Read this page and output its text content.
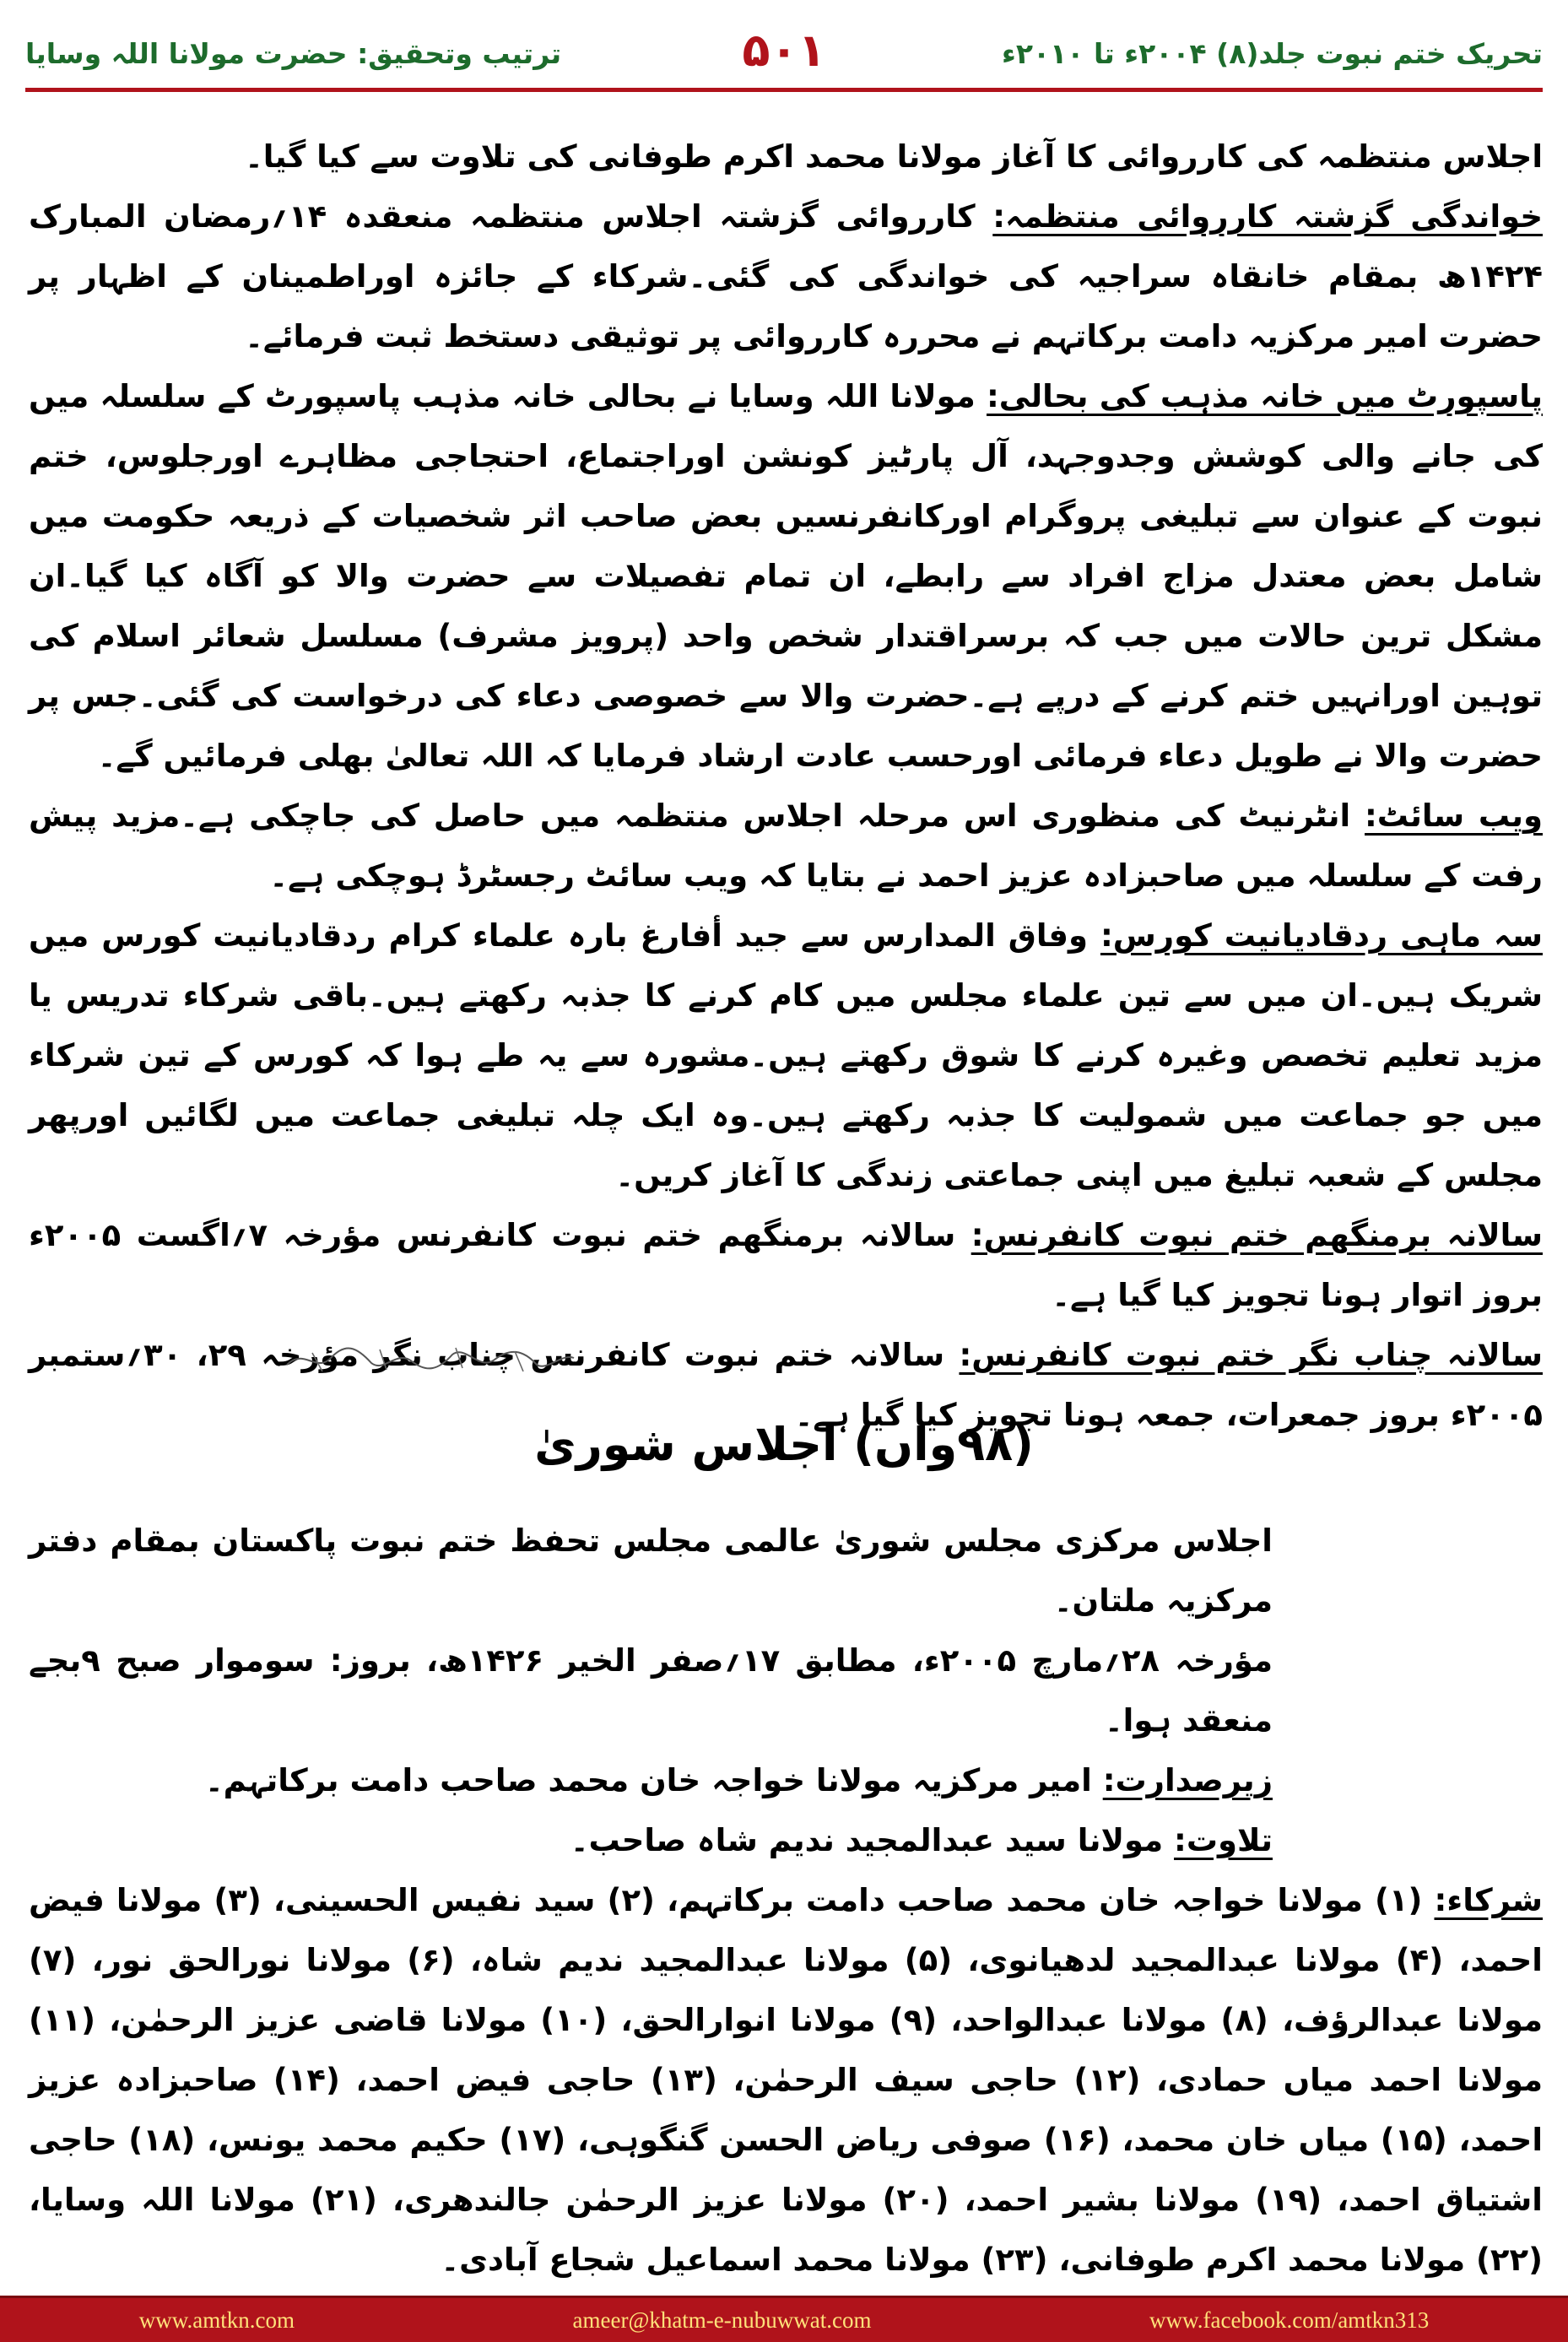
ترتیب وتحقیق: حضرت مولانا اللہ وسایا	۵۰۱	تحریک ختم نبوت جلد(۸) ۲۰۰۴ء تا ۲۰۱۰ء

اجلاس منتظمہ کی کارروائی کا آغاز مولانا محمد اکرم طوفانی کی تلاوت سے کیا گیا۔

خواندگی گزشتہ کارروائی منتظمہ: کارروائی گزشتہ اجلاس منتظمہ منعقدہ ۱۴؍رمضان المبارک ۱۴۲۴ھ بمقام خانقاہ سراجیہ کی خواندگی کی گئی۔شرکاء کے جائزہ اوراطمینان کے اظہار پر حضرت امیر مرکزیہ دامت برکاتہم نے محررہ کارروائی پر توثیقی دستخط ثبت فرمائے۔

پاسپورٹ میں خانہ مذہب کی بحالی: مولانا اللہ وسایا نے بحالی خانہ مذہب پاسپورٹ کے سلسلہ میں کی جانے والی کوشش وجدوجہد، آل پارٹیز کونشن اوراجتماع، احتجاجی مظاہرے اورجلوس، ختم نبوت کے عنوان سے تبلیغی پروگرام اورکانفرنسیں بعض صاحب اثر شخصیات کے ذریعہ حکومت میں شامل بعض معتدل مزاج افراد سے رابطے، ان تمام تفصیلات سے حضرت والا کو آگاہ کیا گیا۔ان مشکل ترین حالات میں جب کہ برسراقتدار شخص واحد (پرویز مشرف) مسلسل شعائر اسلام کی توہین اورانہیں ختم کرنے کے درپے ہے۔حضرت والا سے خصوصی دعاء کی درخواست کی گئی۔جس پر حضرت والا نے طویل دعاء فرمائی اورحسب عادت ارشاد فرمایا کہ اللہ تعالیٰ بھلی فرمائیں گے۔

ویب سائٹ: انٹرنیٹ کی منظوری اس مرحلہ اجلاس منتظمہ میں حاصل کی جاچکی ہے۔مزید پیش رفت کے سلسلہ میں صاحبزادہ عزیز احمد نے بتایا کہ ویب سائٹ رجسٹرڈ ہوچکی ہے۔

سہ ماہی ردقادیانیت کورس: وفاق المدارس سے جید أفارغ بارہ علماء کرام ردقادیانیت کورس میں شریک ہیں۔ان میں سے تین علماء مجلس میں کام کرنے کا جذبہ رکھتے ہیں۔باقی شرکاء تدریس یا مزید تعلیم تخصص وغیرہ کرنے کا شوق رکھتے ہیں۔مشورہ سے یہ طے ہوا کہ کورس کے تین شرکاء میں جو جماعت میں شمولیت کا جذبہ رکھتے ہیں۔وہ ایک چلہ تبلیغی جماعت میں لگائیں اورپھر مجلس کے شعبہ تبلیغ میں اپنی جماعتی زندگی کا آغاز کریں۔

سالانہ برمنگھم ختم نبوت کانفرنس: سالانہ برمنگھم ختم نبوت کانفرنس مؤرخہ ۷؍اگست ۲۰۰۵ء بروز اتوار ہونا تجویز کیا گیا ہے۔

سالانہ چناب نگر ختم نبوت کانفرنس: سالانہ ختم نبوت کانفرنس چناب نگر مؤرخہ ۲۹، ۳۰؍ستمبر ۲۰۰۵ء بروز جمعرات، جمعہ ہونا تجویز کیا گیا ہے۔

(۹۸واں) اجلاس شوریٰ

اجلاس مرکزی مجلس شوریٰ عالمی مجلس تحفظ ختم نبوت پاکستان بمقام دفتر مرکزیہ ملتان۔

مؤرخہ ۲۸؍مارچ ۲۰۰۵ء، مطابق ۱۷؍صفر الخیر ۱۴۲۶ھ، بروز: سوموار صبح ۹بجے منعقد ہوا۔

زیرصدارت: امیر مرکزیہ مولانا خواجہ خان محمد صاحب دامت برکاتہم۔

تلاوت: مولانا سید عبدالمجید ندیم شاہ صاحب۔

شرکاء: (۱) مولانا خواجہ خان محمد صاحب دامت برکاتہم، (۲) سید نفیس الحسینی، (۳) مولانا فیض احمد، (۴) مولانا عبدالمجید لدھیانوی، (۵) مولانا عبدالمجید ندیم شاہ، (۶) مولانا نورالحق نور، (۷) مولانا عبدالرؤف، (۸) مولانا عبدالواحد، (۹) مولانا انوارالحق، (۱۰) مولانا قاضی عزیز الرحمٰن، (۱۱) مولانا احمد میاں حمادی، (۱۲) حاجی سیف الرحمٰن، (۱۳) حاجی فیض احمد، (۱۴) صاحبزادہ عزیز احمد، (۱۵) میاں خان محمد، (۱۶) صوفی ریاض الحسن گنگوہی، (۱۷) حکیم محمد یونس، (۱۸) حاجی اشتیاق احمد، (۱۹) مولانا بشیر احمد، (۲۰) مولانا عزیز الرحمٰن جالندھری، (۲۱) مولانا اللہ وسایا، (۲۲) مولانا محمد اکرم طوفانی، (۲۳) مولانا محمد اسماعیل شجاع آبادی۔

www.amtkn.com	ameer@khatm-e-nubuwwat.com	www.facebook.com/amtkn313
